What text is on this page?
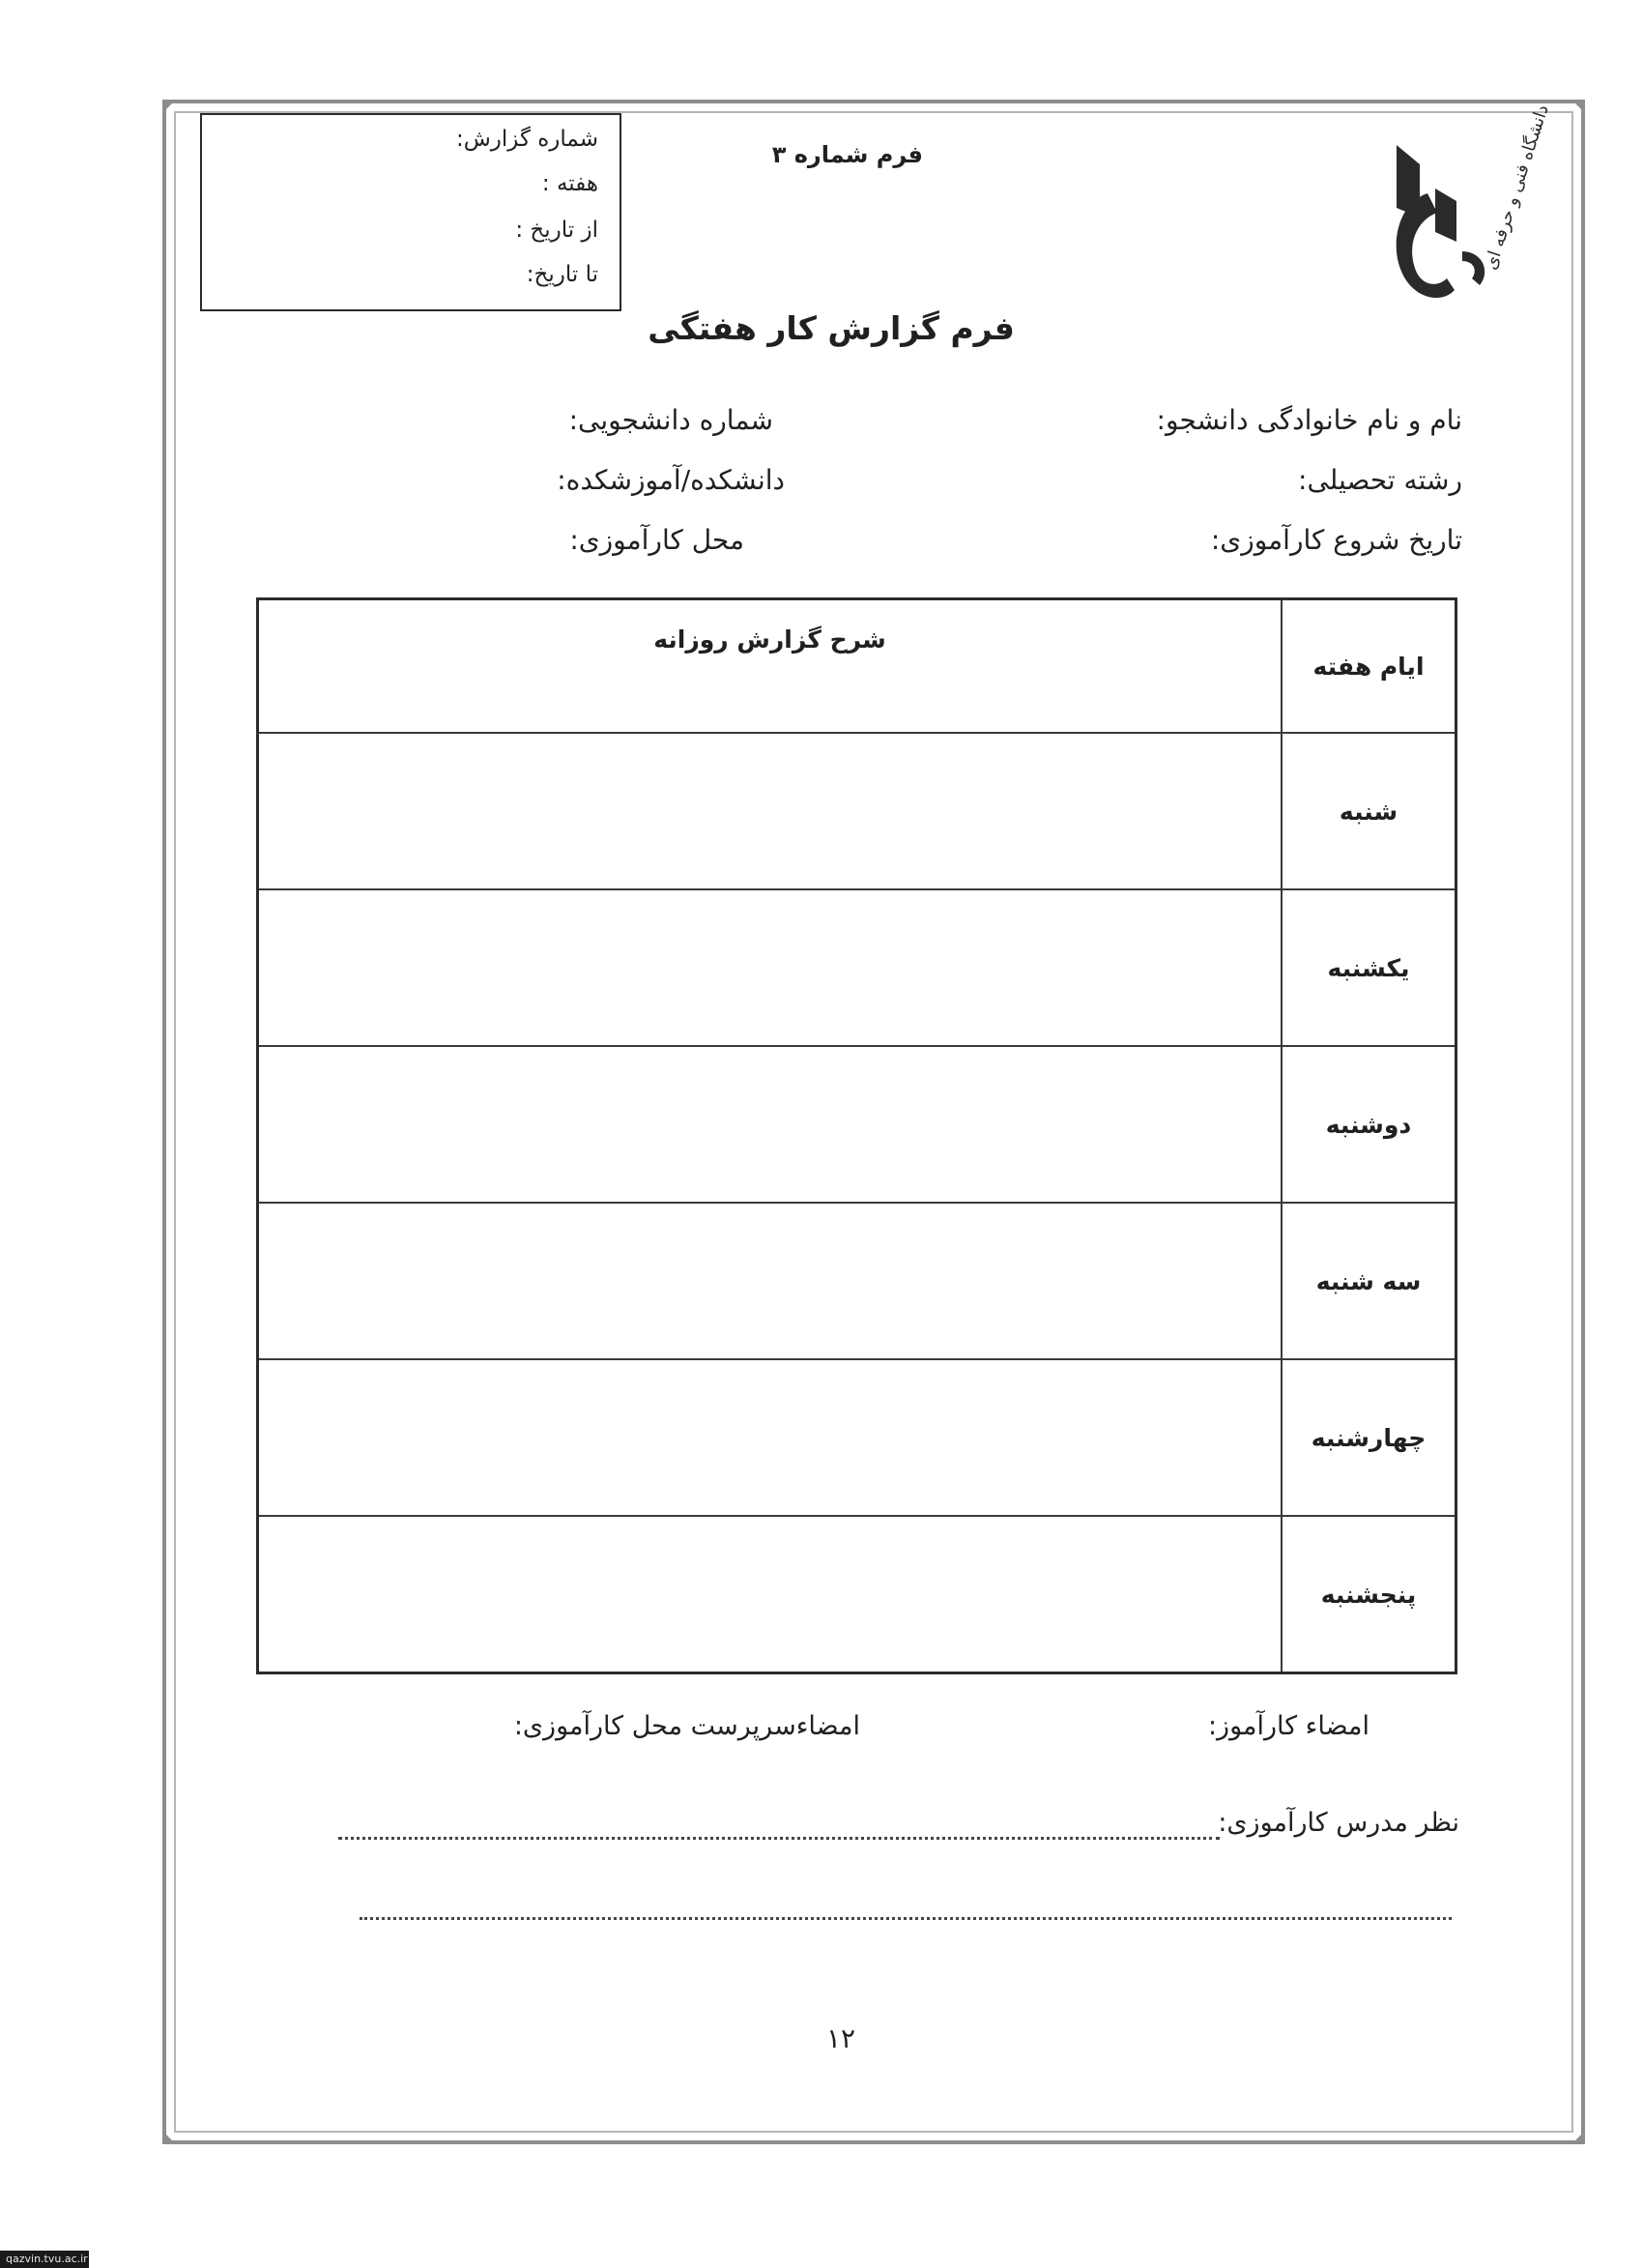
شماره گزارش:
هفته :
از تاریخ :
تا تاریخ:
فرم شماره ۳
فرم گزارش کار هفتگی
دانشگاه فنی و حرفه ای
نام و نام خانوادگی دانشجو:
شماره دانشجویی:
رشته تحصیلی:
دانشکده/آموزشکده:
تاریخ شروع کارآموزی:
محل کارآموزی:
ایام هفته	شرح گزارش روزانه
شنبه	
یکشنبه	
دوشنبه	
سه شنبه	
چهارشنبه	
پنجشنبه	
امضاء کارآموز:
امضاءسرپرست محل کارآموزی:
نظر مدرس کارآموزی:
۱۲
qazvin.tvu.ac.ir
